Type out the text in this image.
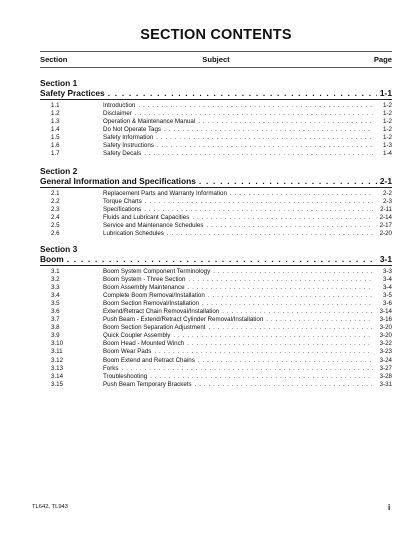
SECTION CONTENTS
Section	Subject	Page
Section 1
Safety Practices . . .	1-1
1.1	Introduction . . .	1-2
1.2	Disclaimer . . .	1-2
1.3	Operation & Maintenance Manual . . .	1-2
1.4	Do Not Operate Tags . . .	1-2
1.5	Safety Information . . .	1-2
1.6	Safety Instructions . . .	1-3
1.7	Safety Decals . . .	1-4
Section 2
General Information and Specifications . . .	2-1
2.1	Replacement Parts and Warranty Information . . .	2-2
2.2	Torque Charts . . .	2-3
2.3	Specifications . . .	2-11
2.4	Fluids and Lubricant Capacities . . .	2-14
2.5	Service and Maintenance Schedules . . .	2-17
2.6	Lubrication Schedules . . .	2-20
Section 3
Boom . . .	3-1
3.1	Boom System Component Terminology . . .	3-3
3.2	Boom System - Three Section . . .	3-4
3.3	Boom Assembly Maintenance . . .	3-4
3.4	Complete Boom Removal/Installation . . .	3-5
3.5	Boom Section Removal/Installation . . .	3-6
3.6	Extend/Retract Chain Removal/Installation . . .	3-14
3.7	Push Beam - Extend/Retract Cylinder Removal/Installation . . .	3-16
3.8	Boom Section Separation Adjustment . . .	3-20
3.9	Quick Coupler Assembly . . .	3-20
3.10	Boom Head - Mounted Winch . . .	3-22
3.11	Boom Wear Pads . . .	3-23
3.12	Boom Extend and Retract Chains . . .	3-24
3.13	Forks . . .	3-27
3.14	Troubleshooting . . .	3-28
3.15	Push Beam Temporary Brackets . . .	3-31
TL642, TL943	i
